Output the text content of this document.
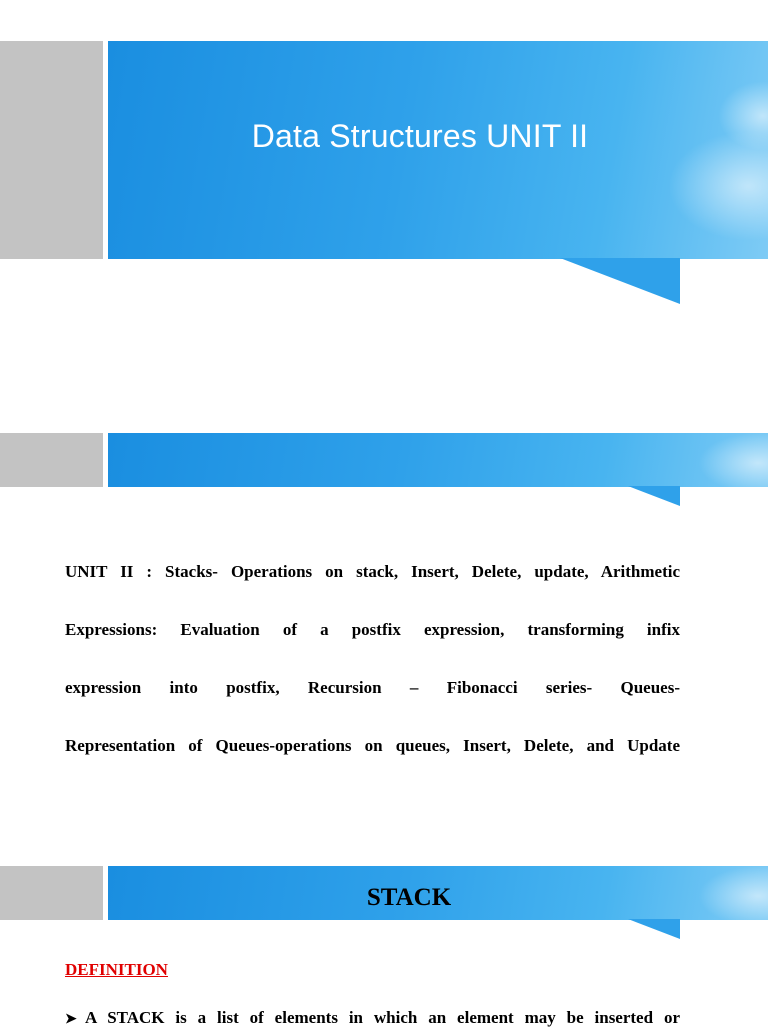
Data Structures UNIT II
UNIT II : Stacks- Operations on stack, Insert, Delete, update, Arithmetic
Expressions: Evaluation of a postfix expression, transforming infix
expression into postfix, Recursion – Fibonacci series- Queues-
Representation of Queues-operations on queues, Insert, Delete, and Update
STACK
DEFINITION
➤ A STACK is a list of elements in which an element may be inserted or
